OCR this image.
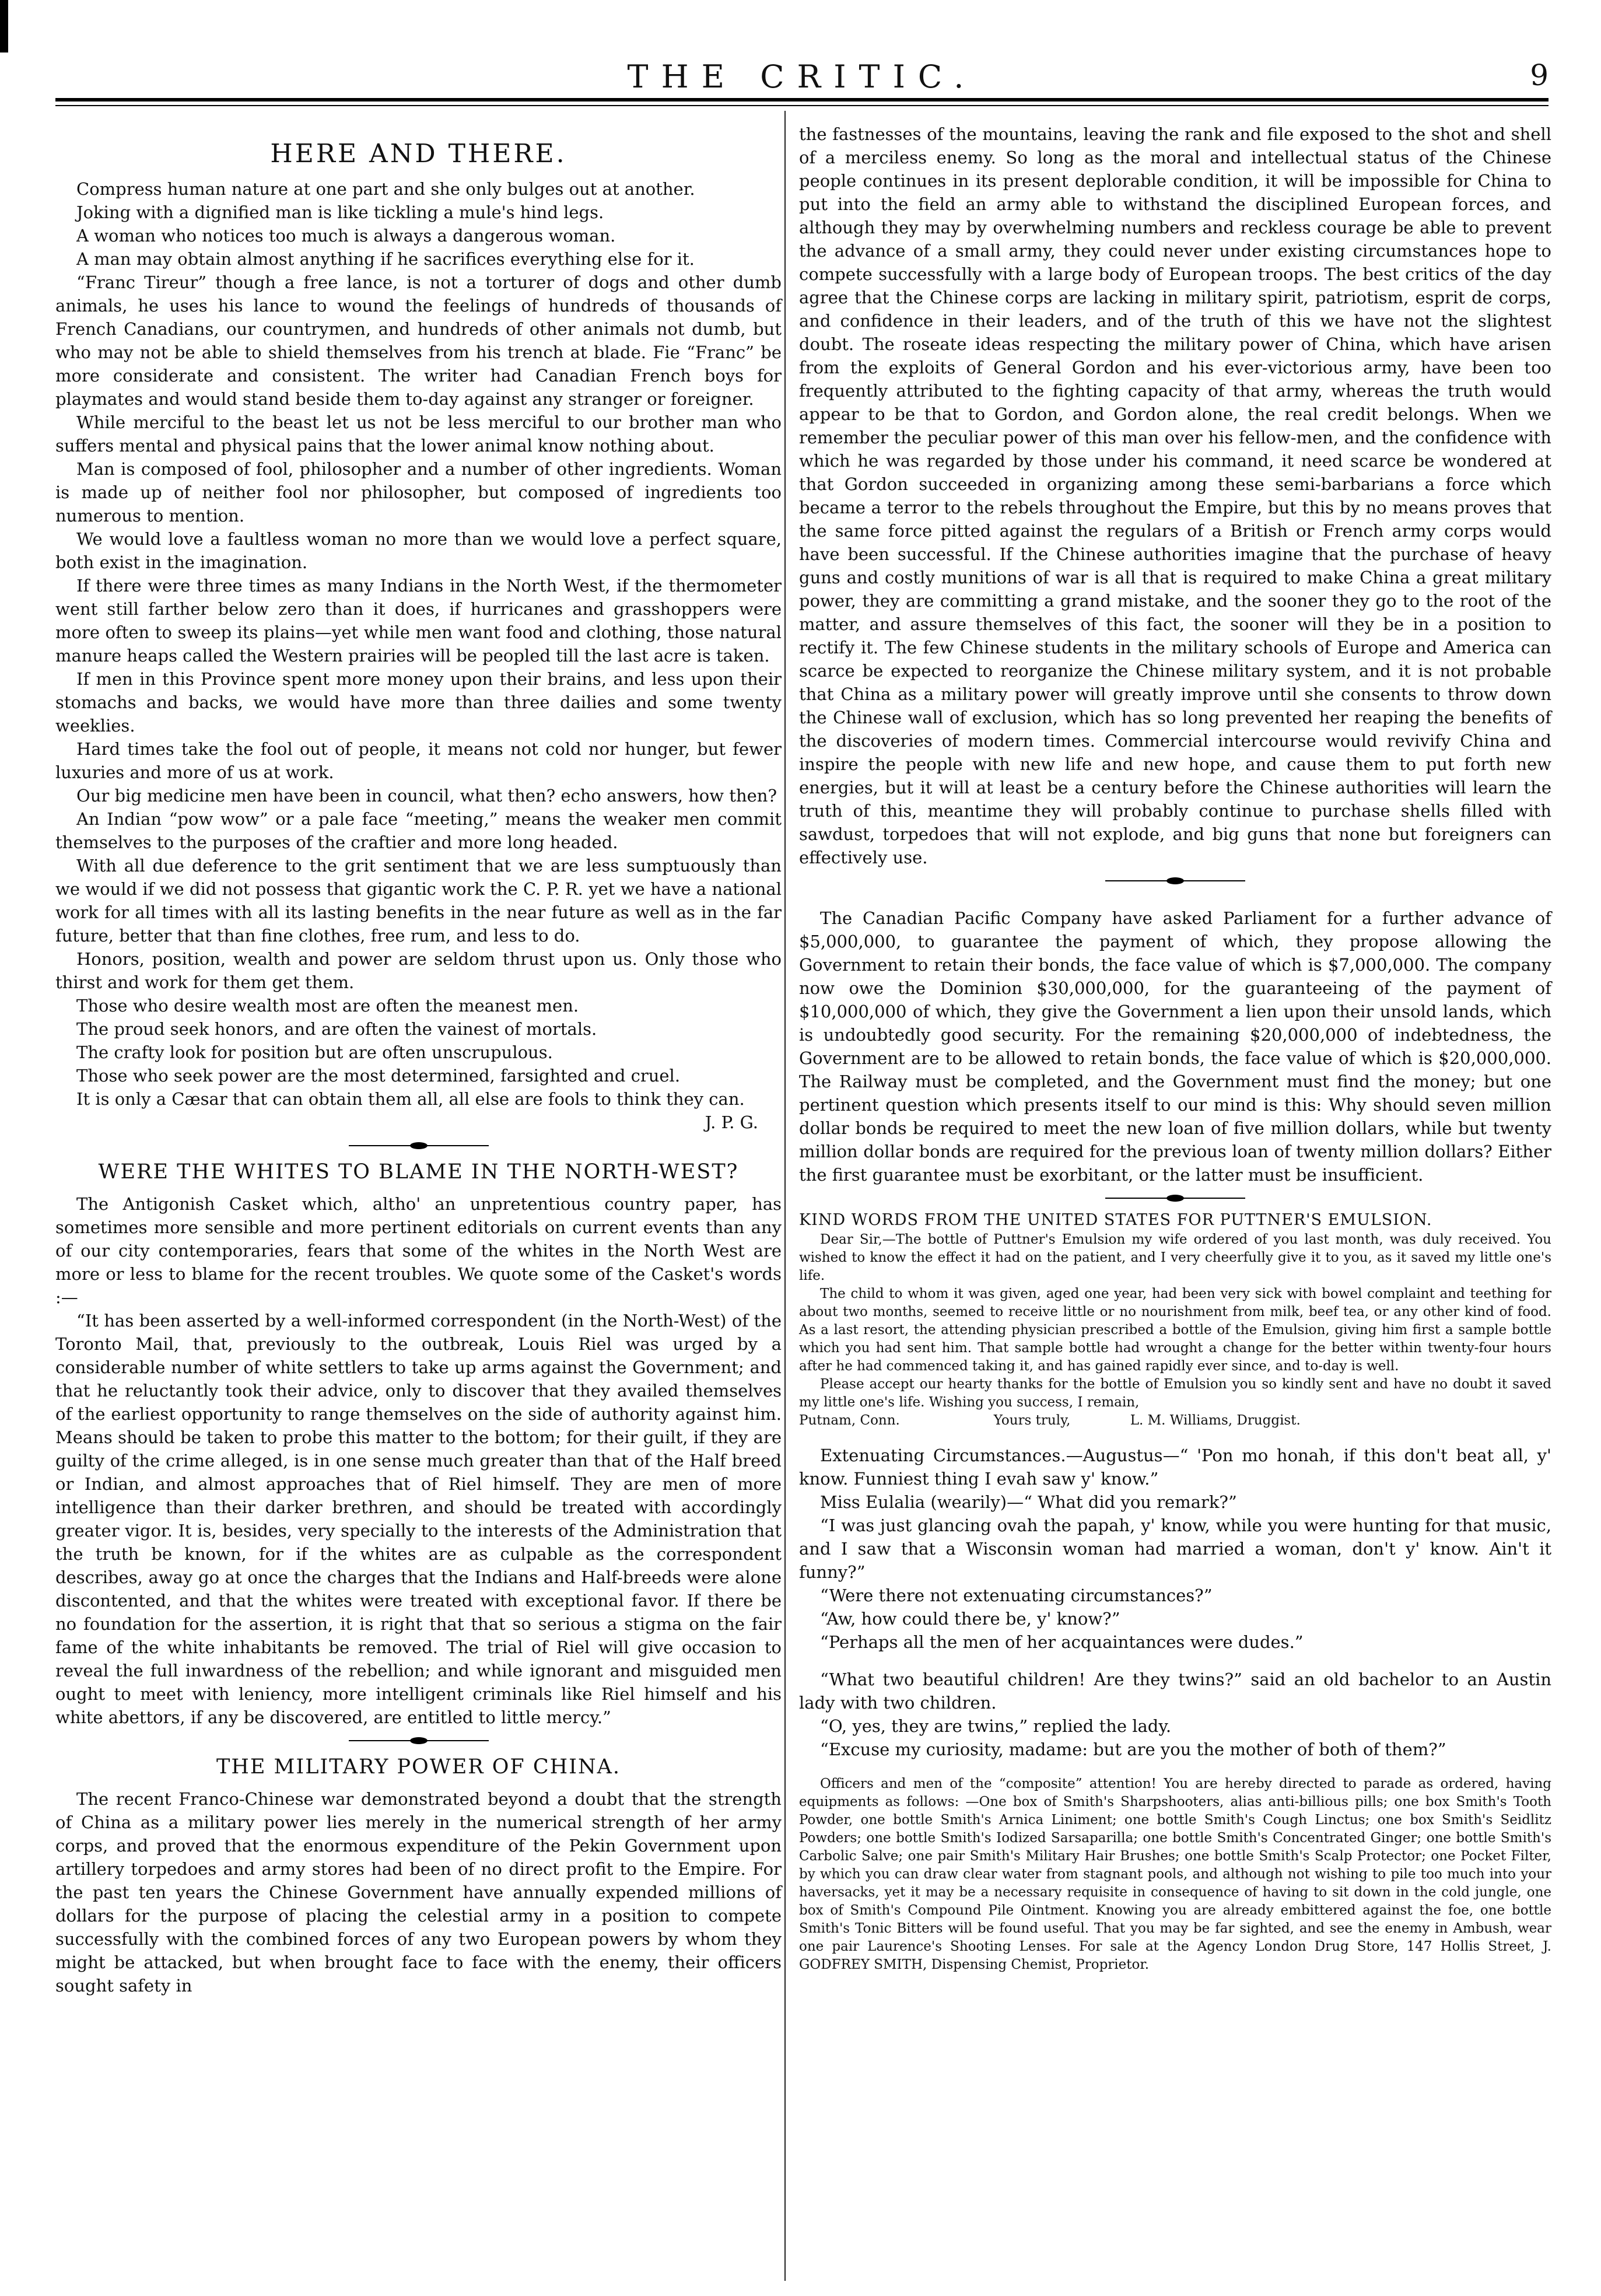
THE CRITIC.	9
HERE AND THERE.

Compress human nature at one part and she only bulges out at another.

Joking with a dignified man is like tickling a mule's hind legs.

A woman who notices too much is always a dangerous woman.

A man may obtain almost anything if he sacrifices everything else for it.

“Franc Tireur” though a free lance, is not a torturer of dogs and other dumb animals, he uses his lance to wound the feelings of hundreds of thousands of French Canadians, our countrymen, and hundreds of other animals not dumb, but who may not be able to shield themselves from his trench at blade. Fie “Franc” be more considerate and consistent. The writer had Canadian French boys for playmates and would stand beside them to-day against any stranger or foreigner.

While merciful to the beast let us not be less merciful to our brother man who suffers mental and physical pains that the lower animal know nothing about.

Man is composed of fool, philosopher and a number of other ingredients. Woman is made up of neither fool nor philosopher, but composed of ingredients too numerous to mention.

We would love a faultless woman no more than we would love a perfect square, both exist in the imagination.

If there were three times as many Indians in the North West, if the thermometer went still farther below zero than it does, if hurricanes and grasshoppers were more often to sweep its plains—yet while men want food and clothing, those natural manure heaps called the Western prairies will be peopled till the last acre is taken.

If men in this Province spent more money upon their brains, and less upon their stomachs and backs, we would have more than three dailies and some twenty weeklies.

Hard times take the fool out of people, it means not cold nor hunger, but fewer luxuries and more of us at work.

Our big medicine men have been in council, what then? echo answers, how then?

An Indian “pow wow” or a pale face “meeting,” means the weaker men commit themselves to the purposes of the craftier and more long headed.

With all due deference to the grit sentiment that we are less sumptuously than we would if we did not possess that gigantic work the C. P. R. yet we have a national work for all times with all its lasting benefits in the near future as well as in the far future, better that than fine clothes, free rum, and less to do.

Honors, position, wealth and power are seldom thrust upon us. Only those who thirst and work for them get them.

Those who desire wealth most are often the meanest men.

The proud seek honors, and are often the vainest of mortals.

The crafty look for position but are often unscrupulous.

Those who seek power are the most determined, farsighted and cruel.

It is only a Cæsar that can obtain them all, all else are fools to think they can.

J. P. G.

WERE THE WHITES TO BLAME IN THE NORTH-WEST?

The Antigonish Casket which, altho' an unpretentious country paper, has sometimes more sensible and more pertinent editorials on current events than any of our city contemporaries, fears that some of the whites in the North West are more or less to blame for the recent troubles. We quote some of the Casket's words :—

“It has been asserted by a well-informed correspondent (in the North-West) of the Toronto Mail, that, previously to the outbreak, Louis Riel was urged by a considerable number of white settlers to take up arms against the Government; and that he reluctantly took their advice, only to discover that they availed themselves of the earliest opportunity to range themselves on the side of authority against him. Means should be taken to probe this matter to the bottom; for their guilt, if they are guilty of the crime alleged, is in one sense much greater than that of the Half breed or Indian, and almost approaches that of Riel himself. They are men of more intelligence than their darker brethren, and should be treated with accordingly greater vigor. It is, besides, very specially to the interests of the Administration that the truth be known, for if the whites are as culpable as the correspondent describes, away go at once the charges that the Indians and Half-breeds were alone discontented, and that the whites were treated with exceptional favor. If there be no foundation for the assertion, it is right that that so serious a stigma on the fair fame of the white inhabitants be removed. The trial of Riel will give occasion to reveal the full inwardness of the rebellion; and while ignorant and misguided men ought to meet with leniency, more intelligent criminals like Riel himself and his white abettors, if any be discovered, are entitled to little mercy.”

THE MILITARY POWER OF CHINA.

The recent Franco-Chinese war demonstrated beyond a doubt that the strength of China as a military power lies merely in the numerical strength of her army corps, and proved that the enormous expenditure of the Pekin Government upon artillery torpedoes and army stores had been of no direct profit to the Empire. For the past ten years the Chinese Government have annually expended millions of dollars for the purpose of placing the celestial army in a position to compete successfully with the combined forces of any two European powers by whom they might be attacked, but when brought face to face with the enemy, their officers sought safety in

the fastnesses of the mountains, leaving the rank and file exposed to the shot and shell of a merciless enemy. So long as the moral and intellectual status of the Chinese people continues in its present deplorable condition, it will be impossible for China to put into the field an army able to withstand the disciplined European forces, and although they may by overwhelming numbers and reckless courage be able to prevent the advance of a small army, they could never under existing circumstances hope to compete successfully with a large body of European troops. The best critics of the day agree that the Chinese corps are lacking in military spirit, patriotism, esprit de corps, and confidence in their leaders, and of the truth of this we have not the slightest doubt. The roseate ideas respecting the military power of China, which have arisen from the exploits of General Gordon and his ever-victorious army, have been too frequently attributed to the fighting capacity of that army, whereas the truth would appear to be that to Gordon, and Gordon alone, the real credit belongs. When we remember the peculiar power of this man over his fellow-men, and the confidence with which he was regarded by those under his command, it need scarce be wondered at that Gordon succeeded in organizing among these semi-barbarians a force which became a terror to the rebels throughout the Empire, but this by no means proves that the same force pitted against the regulars of a British or French army corps would have been successful. If the Chinese authorities imagine that the purchase of heavy guns and costly munitions of war is all that is required to make China a great military power, they are committing a grand mistake, and the sooner they go to the root of the matter, and assure themselves of this fact, the sooner will they be in a position to rectify it. The few Chinese students in the military schools of Europe and America can scarce be expected to reorganize the Chinese military system, and it is not probable that China as a military power will greatly improve until she consents to throw down the Chinese wall of exclusion, which has so long prevented her reaping the benefits of the discoveries of modern times. Commercial intercourse would revivify China and inspire the people with new life and new hope, and cause them to put forth new energies, but it will at least be a century before the Chinese authorities will learn the truth of this, meantime they will probably continue to purchase shells filled with sawdust, torpedoes that will not explode, and big guns that none but foreigners can effectively use.

The Canadian Pacific Company have asked Parliament for a further advance of $5,000,000, to guarantee the payment of which, they propose allowing the Government to retain their bonds, the face value of which is $7,000,000. The company now owe the Dominion $30,000,000, for the guaranteeing of the payment of $10,000,000 of which, they give the Government a lien upon their unsold lands, which is undoubtedly good security. For the remaining $20,000,000 of indebtedness, the Government are to be allowed to retain bonds, the face value of which is $20,000,000. The Railway must be completed, and the Government must find the money; but one pertinent question which presents itself to our mind is this: Why should seven million dollar bonds be required to meet the new loan of five million dollars, while but twenty million dollar bonds are required for the previous loan of twenty million dollars? Either the first guarantee must be exorbitant, or the latter must be insufficient.

KIND WORDS FROM THE UNITED STATES FOR PUTTNER'S EMULSION.

Dear Sir,—The bottle of Puttner's Emulsion my wife ordered of you last month, was duly received. You wished to know the effect it had on the patient, and I very cheerfully give it to you, as it saved my little one's life.

The child to whom it was given, aged one year, had been very sick with bowel complaint and teething for about two months, seemed to receive little or no nourishment from milk, beef tea, or any other kind of food. As a last resort, the attending physician prescribed a bottle of the Emulsion, giving him first a sample bottle which you had sent him. That sample bottle had wrought a change for the better within twenty-four hours after he had commenced taking it, and has gained rapidly ever since, and to-day is well.

Please accept our hearty thanks for the bottle of Emulsion you so kindly sent and have no doubt it saved my little one's life. Wishing you success, I remain,

Putnam, Conn.	Yours truly,	L. M. Williams, Druggist.

Extenuating Circumstances.—Augustus—“ 'Pon mo honah, if this don't beat all, y' know. Funniest thing I evah saw y' know.”

Miss Eulalia (wearily)—“ What did you remark?”

“I was just glancing ovah the papah, y' know, while you were hunting for that music, and I saw that a Wisconsin woman had married a woman, don't y' know. Ain't it funny?”

“Were there not extenuating circumstances?”

“Aw, how could there be, y' know?”

“Perhaps all the men of her acquaintances were dudes.”

“What two beautiful children! Are they twins?” said an old bachelor to an Austin lady with two children.

“O, yes, they are twins,” replied the lady.

“Excuse my curiosity, madame: but are you the mother of both of them?”

Officers and men of the “composite” attention! You are hereby directed to parade as ordered, having equipments as follows: —One box of Smith's Sharpshooters, alias anti-billious pills; one box Smith's Tooth Powder, one bottle Smith's Arnica Liniment; one bottle Smith's Cough Linctus; one box Smith's Seidlitz Powders; one bottle Smith's Iodized Sarsaparilla; one bottle Smith's Concentrated Ginger; one bottle Smith's Carbolic Salve; one pair Smith's Military Hair Brushes; one bottle Smith's Scalp Protector; one Pocket Filter, by which you can draw clear water from stagnant pools, and although not wishing to pile too much into your haversacks, yet it may be a necessary requisite in consequence of having to sit down in the cold jungle, one box of Smith's Compound Pile Ointment. Knowing you are already embittered against the foe, one bottle Smith's Tonic Bitters will be found useful. That you may be far sighted, and see the enemy in Ambush, wear one pair Laurence's Shooting Lenses. For sale at the Agency London Drug Store, 147 Hollis Street, J. GODFREY SMITH, Dispensing Chemist, Proprietor.
